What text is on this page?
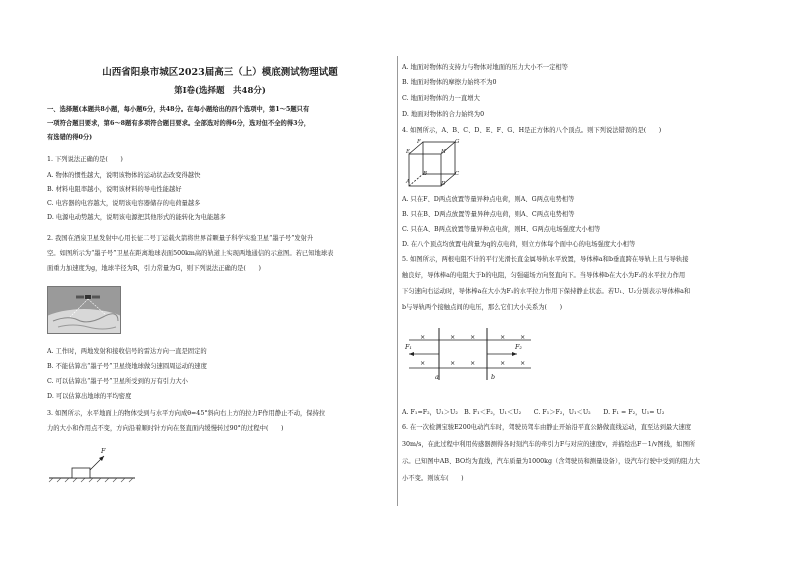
山西省阳泉市城区2023届高三（上）模底测试物理试题
第Ⅰ卷(选择题　共48分)
一、选择题(本题共8小题，每小题6分，共48分。在每小题给出的四个选项中，第1～5题只有
一项符合题目要求，第6～8题有多项符合题目要求。全部选对的得6分，选对但不全的得3分，
有选错的得0分)
1. 下列说法正确的是(　　)
A. 物体的惯性越大，说明该物体的运动状态改变得越快
B. 材料电阻率越小，说明该材料的导电性能越好
C. 电容器的电容越大，说明该电容器储存的电荷量越多
D. 电源电动势越大，说明该电源把其他形式的能转化为电能越多
2. 我国在酒泉卫星发射中心用长征二号丁运载火箭将世界首颗量子科学实验卫星“墨子号”发射升
空。如图所示为“墨子号”卫星在距离地球表面500km高的轨道上实现两地通信的示意图。若已知地球表
面重力加速度为g，地球半径为R，引力常量为G，则下列说法正确的是(　　)
A. 工作时，两地发射和接收信号的雷达方向一直是固定的
B. 不能估算出“墨子号”卫星绕地球做匀速圆周运动的速度
C. 可以估算出“墨子号”卫星所受到的万有引力大小
D. 可以估算出地球的平均密度
3. 如图所示，水平地面上的物体受到与水平方向成θ=45°斜向右上方的拉力F作用静止不动，保持拉
力的大小和作用点不变，方向沿着顺时针方向在竖直面内缓慢转过90°的过程中(　　)
F
A. 地面对物体的支持力与物体对地面的压力大小不一定相等
B. 地面对物体的摩擦力始终不为0
C. 地面对物体的力一直增大
D. 地面对物体的合力始终为0
4. 如图所示，A、B、C、D、E、F、G、H是正方体的八个顶点。则下列说法错误的是(　　)
E
F
H
G
A
B
D
C
A. 只在F、D两点放置等量异种点电荷，则A、G两点电势相等
B. 只在B、D两点放置等量异种点电荷，则A、C两点电势相等
C. 只在A、B两点放置等量异种点电荷，则H、G两点电场强度大小相等
D. 在八个顶点均放置电荷量为q的点电荷，则立方体每个面中心的电场强度大小相等
5. 如图所示，两根电阻不计的平行光滑长直金属导轨水平放置，导体棒a和b垂直跨在导轨上且与导轨接
触良好，导体棒a的电阻大于b的电阻，匀强磁场方向竖直向下。当导体棒b在大小为F₂的水平拉力作用
下匀速向右运动时，导体棒a在大小为F₁的水平拉力作用下保持静止状态。若U₁、U₂分别表示导体棒a和
b与导轨两个接触点间的电压，那么它们大小关系为(　　)
×	× ×	× ×
×	× ×	× ×
F₁	F₂
a	b
A. F₁=F₂，U₁＞U₂　B. F₁＜F₂，U₁＜U₂　　C. F₁＞F₂，U₁＜U₂　　D. F₁ = F₂，U₁= U₂
6. 在一次检测宝骏E200电动汽车时，驾驶员驾车由静止开始沿平直公路做直线运动，直至达到最大速度
30m/s，在此过程中利用传感器测得各时刻汽车的牵引力F与对应的速度v，并描绘出F－1/v图线，如图所
示。已知图中AB、BO均为直线，汽车质量为1000kg（含驾驶员和测量设备），设汽车行驶中受到的阻力大
小不变。则该车(　　)
